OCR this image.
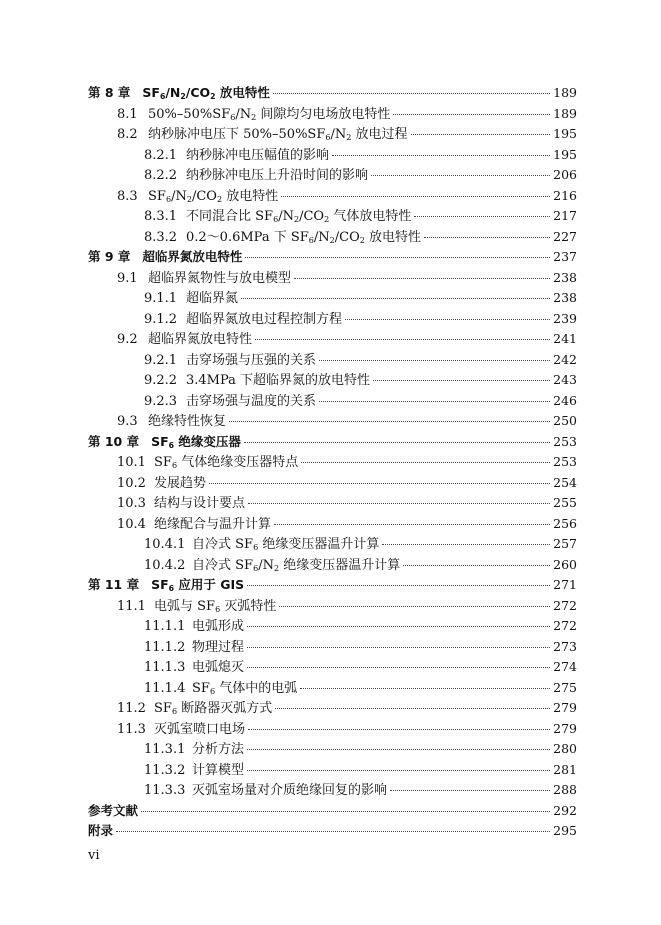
第 8 章 $SF_6/N_2/CO_2$ 放电特性	189
8.1 $50\%-50\%SF_6/N_2$ 间隙均匀电场放电特性	189
8.2 纳秒脉冲电压下 $50\%-50\%SF_6/N_2$ 放电过程	195
8.2.1 纳秒脉冲电压幅值的影响	195
8.2.2 纳秒脉冲电压上升沿时间的影响	206
8.3 $SF_6/N_2/CO_2$ 放电特性	216
8.3.1 不同混合比 $SF_6/N_2/CO_2$ 气体放电特性	217
8.3.2 0.2～0.6MPa 下 $SF_6/N_2/CO_2$ 放电特性	227
第 9 章 超临界氮放电特性	237
9.1 超临界氮物性与放电模型	238
9.1.1 超临界氮	238
9.1.2 超临界氮放电过程控制方程	239
9.2 超临界氮放电特性	241
9.2.1 击穿场强与压强的关系	242
9.2.2 3.4MPa 下超临界氮的放电特性	243
9.2.3 击穿场强与温度的关系	246
9.3 绝缘特性恢复	250
第 10 章 $SF_6$ 绝缘变压器	253
10.1 $SF_6$ 气体绝缘变压器特点	253
10.2 发展趋势	254
10.3 结构与设计要点	255
10.4 绝缘配合与温升计算	256
10.4.1 自冷式 $SF_6$ 绝缘变压器温升计算	257
10.4.2 自冷式 $SF_6/N_2$ 绝缘变压器温升计算	260
第 11 章 $SF_6$ 应用于 GIS	271
11.1 电弧与 $SF_6$ 灭弧特性	272
11.1.1 电弧形成	272
11.1.2 物理过程	273
11.1.3 电弧熄灭	274
11.1.4 $SF_6$ 气体中的电弧	275
11.2 $SF_6$ 断路器灭弧方式	279
11.3 灭弧室喷口电场	279
11.3.1 分析方法	280
11.3.2 计算模型	281
11.3.3 灭弧室场量对介质绝缘回复的影响	288
参考文献	292
附录	295
vi
